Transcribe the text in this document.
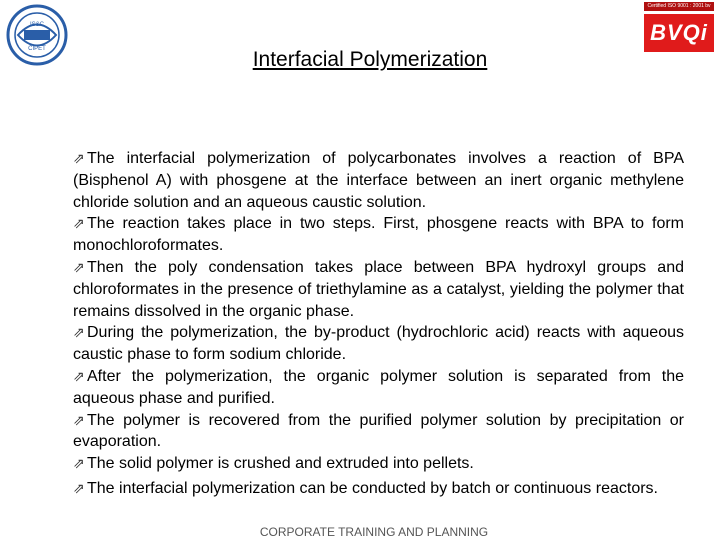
IS&C
CIPET
Certified ISO 9001 : 2001 bv
BVQi
Interfacial Polymerization

⇗ The interfacial polymerization of polycarbonates involves a reaction of BPA (Bisphenol A) with phosgene at the interface between an inert organic methylene chloride solution and an aqueous caustic solution.

⇗ The reaction takes place in two steps. First, phosgene reacts with BPA to form monochloroformates.

⇗ Then the poly condensation takes place between BPA hydroxyl groups and chloroformates in the presence of triethylamine as a catalyst, yielding the polymer that remains dissolved in the organic phase.

⇗ During the polymerization, the by-product (hydrochloric acid) reacts with aqueous caustic phase to form sodium chloride.

⇗ After the polymerization, the organic polymer solution is separated from the aqueous phase and purified.

⇗ The polymer is recovered from the purified polymer solution by precipitation or evaporation.

⇗ The solid polymer is crushed and extruded into pellets.

⇗ The interfacial polymerization can be conducted by batch or continuous reactors.

CORPORATE TRAINING AND PLANNING
